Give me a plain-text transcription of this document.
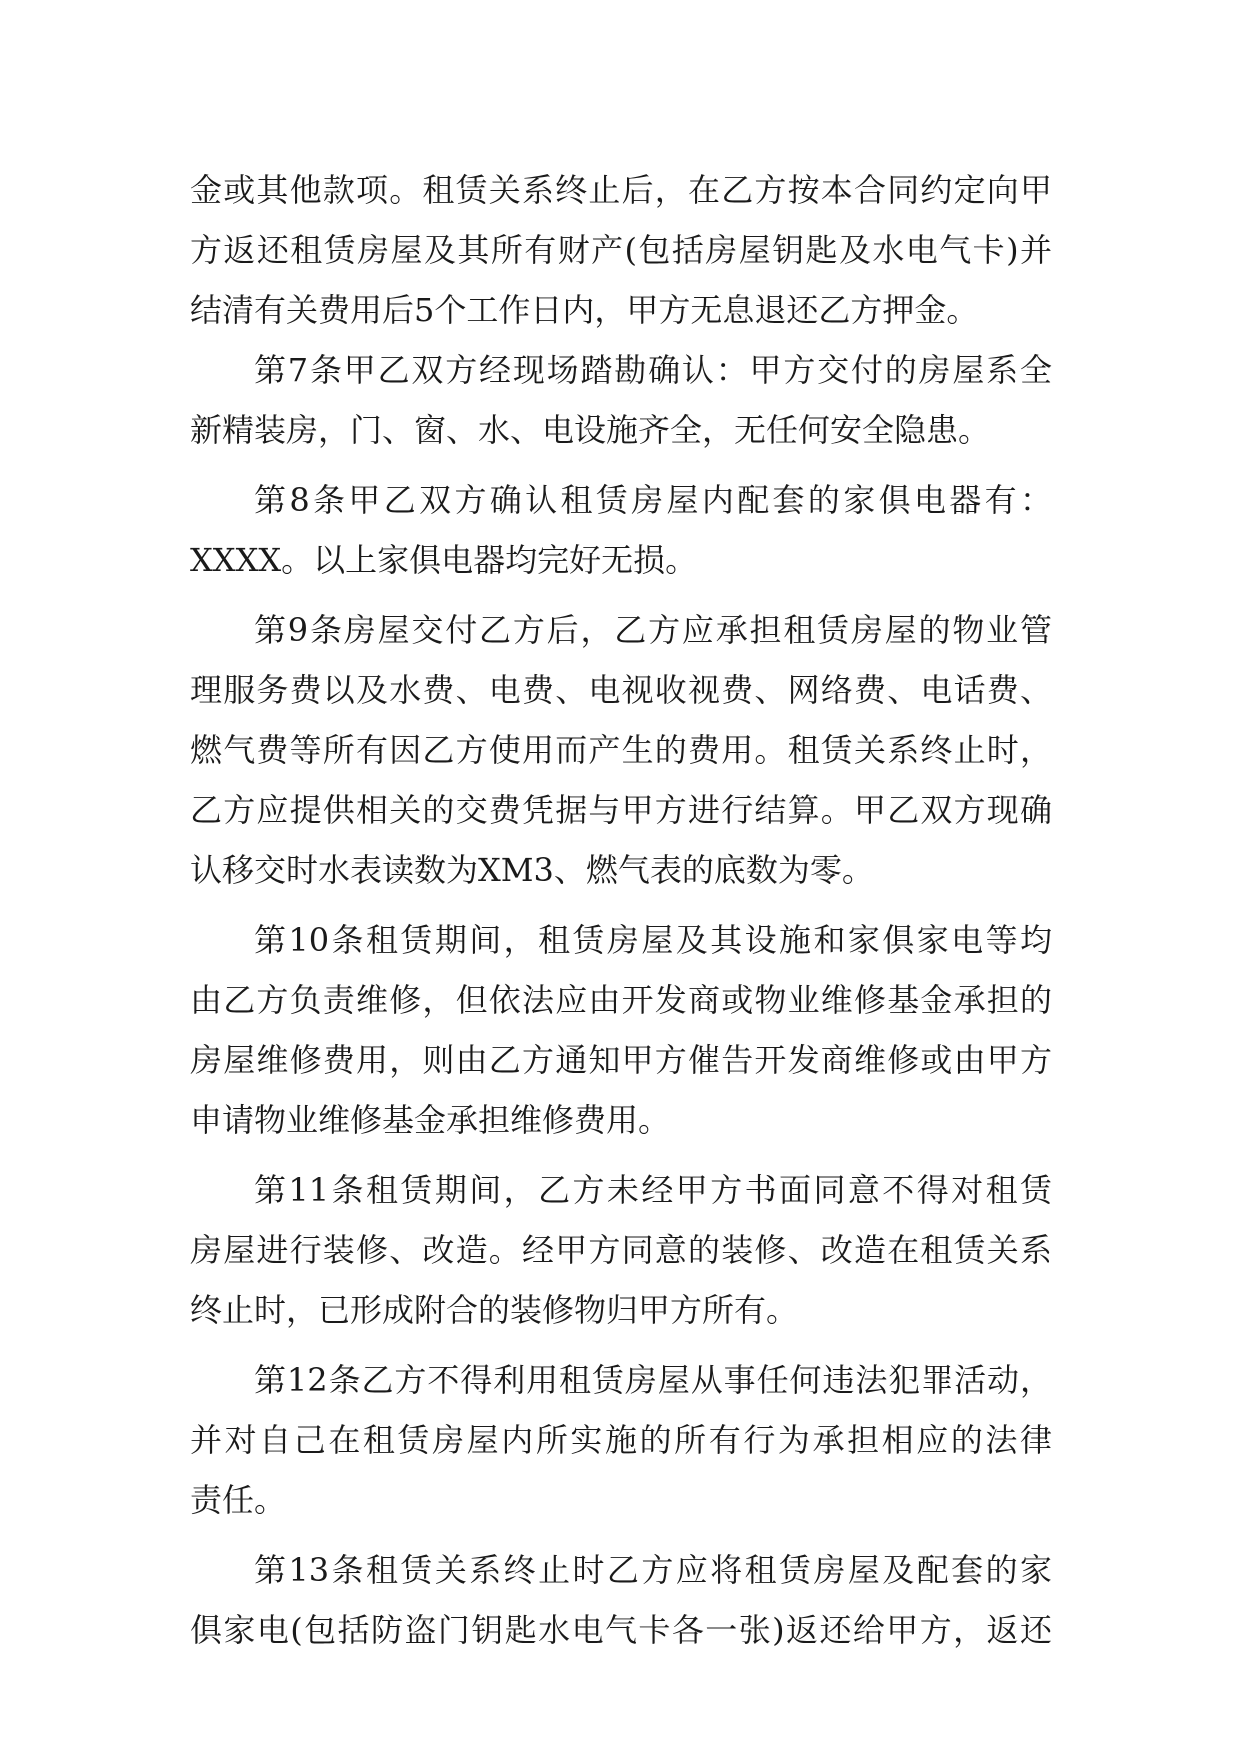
金或其他款项。租赁关系终止后，在乙方按本合同约定向甲
方返还租赁房屋及其所有财产(包括房屋钥匙及水电气卡)并
结清有关费用后5个工作日内，甲方无息退还乙方押金。
第7条甲乙双方经现场踏勘确认：甲方交付的房屋系全
新精装房，门、窗、水、电设施齐全，无任何安全隐患。
第8条甲乙双方确认租赁房屋内配套的家俱电器有：
XXXX。以上家俱电器均完好无损。
第9条房屋交付乙方后，乙方应承担租赁房屋的物业管
理服务费以及水费、电费、电视收视费、网络费、电话费、
燃气费等所有因乙方使用而产生的费用。租赁关系终止时，
乙方应提供相关的交费凭据与甲方进行结算。甲乙双方现确
认移交时水表读数为XM3、燃气表的底数为零。
第10条租赁期间，租赁房屋及其设施和家俱家电等均
由乙方负责维修，但依法应由开发商或物业维修基金承担的
房屋维修费用，则由乙方通知甲方催告开发商维修或由甲方
申请物业维修基金承担维修费用。
第11条租赁期间，乙方未经甲方书面同意不得对租赁
房屋进行装修、改造。经甲方同意的装修、改造在租赁关系
终止时，已形成附合的装修物归甲方所有。
第12条乙方不得利用租赁房屋从事任何违法犯罪活动，
并对自己在租赁房屋内所实施的所有行为承担相应的法律
责任。
第13条租赁关系终止时乙方应将租赁房屋及配套的家
俱家电(包括防盗门钥匙水电气卡各一张)返还给甲方，返还
